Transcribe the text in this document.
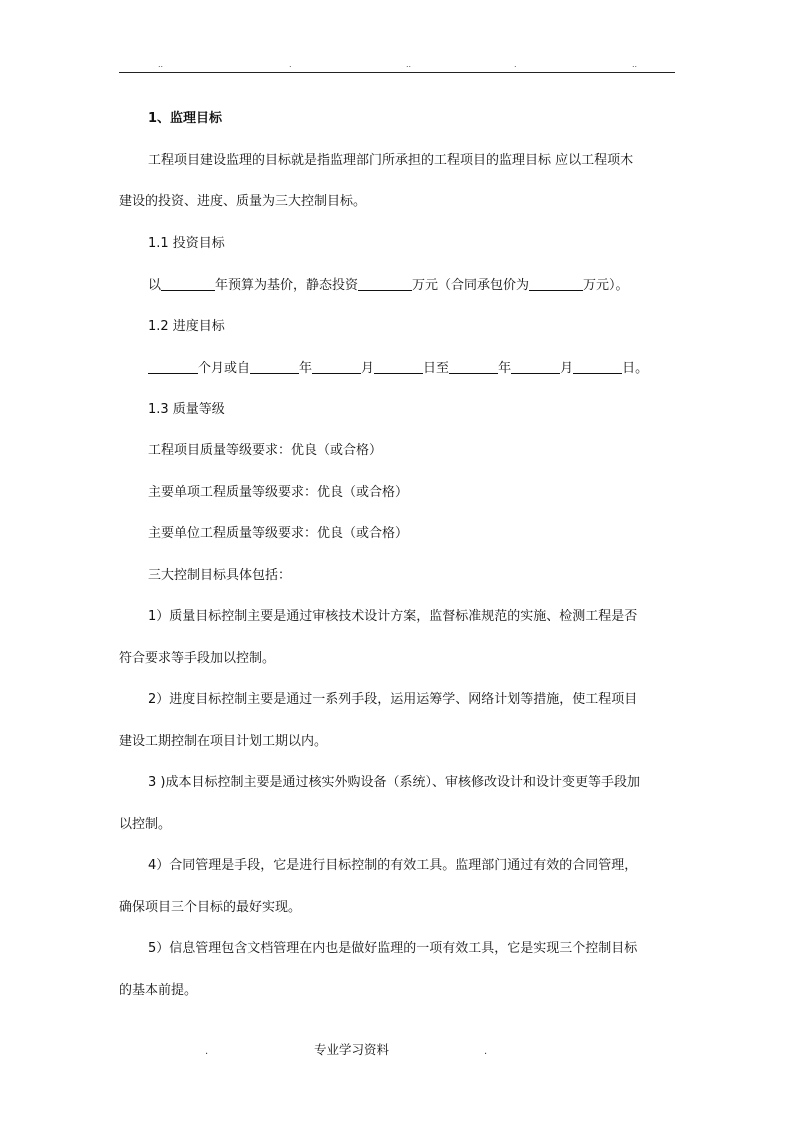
..	.	..	.	..
1、监理目标
工程项目建设监理的目标就是指监理部门所承担的工程项目的监理目标 应以工程项木
建设的投资、进度、质量为三大控制目标。
1.1 投资目标
以	年预算为基价，静态投资	万元（合同承包价为	万元）。
1.2 进度目标
个月或自	年	月	日至	年	月	日。
1.3 质量等级
工程项目质量等级要求：优良（或合格）
主要单项工程质量等级要求：优良（或合格）
主要单位工程质量等级要求：优良（或合格）
三大控制目标具体包括：
1）质量目标控制主要是通过审核技术设计方案，监督标准规范的实施、检测工程是否
符合要求等手段加以控制。
2）进度目标控制主要是通过一系列手段，运用运筹学、网络计划等措施，使工程项目
建设工期控制在项目计划工期以内。
3 )成本目标控制主要是通过核实外购设备（系统）、审核修改设计和设计变更等手段加
以控制。
4）合同管理是手段，它是进行目标控制的有效工具。监理部门通过有效的合同管理，
确保项目三个目标的最好实现。
5）信息管理包含文档管理在内也是做好监理的一项有效工具，它是实现三个控制目标
的基本前提。
.	专业学习资料	.
